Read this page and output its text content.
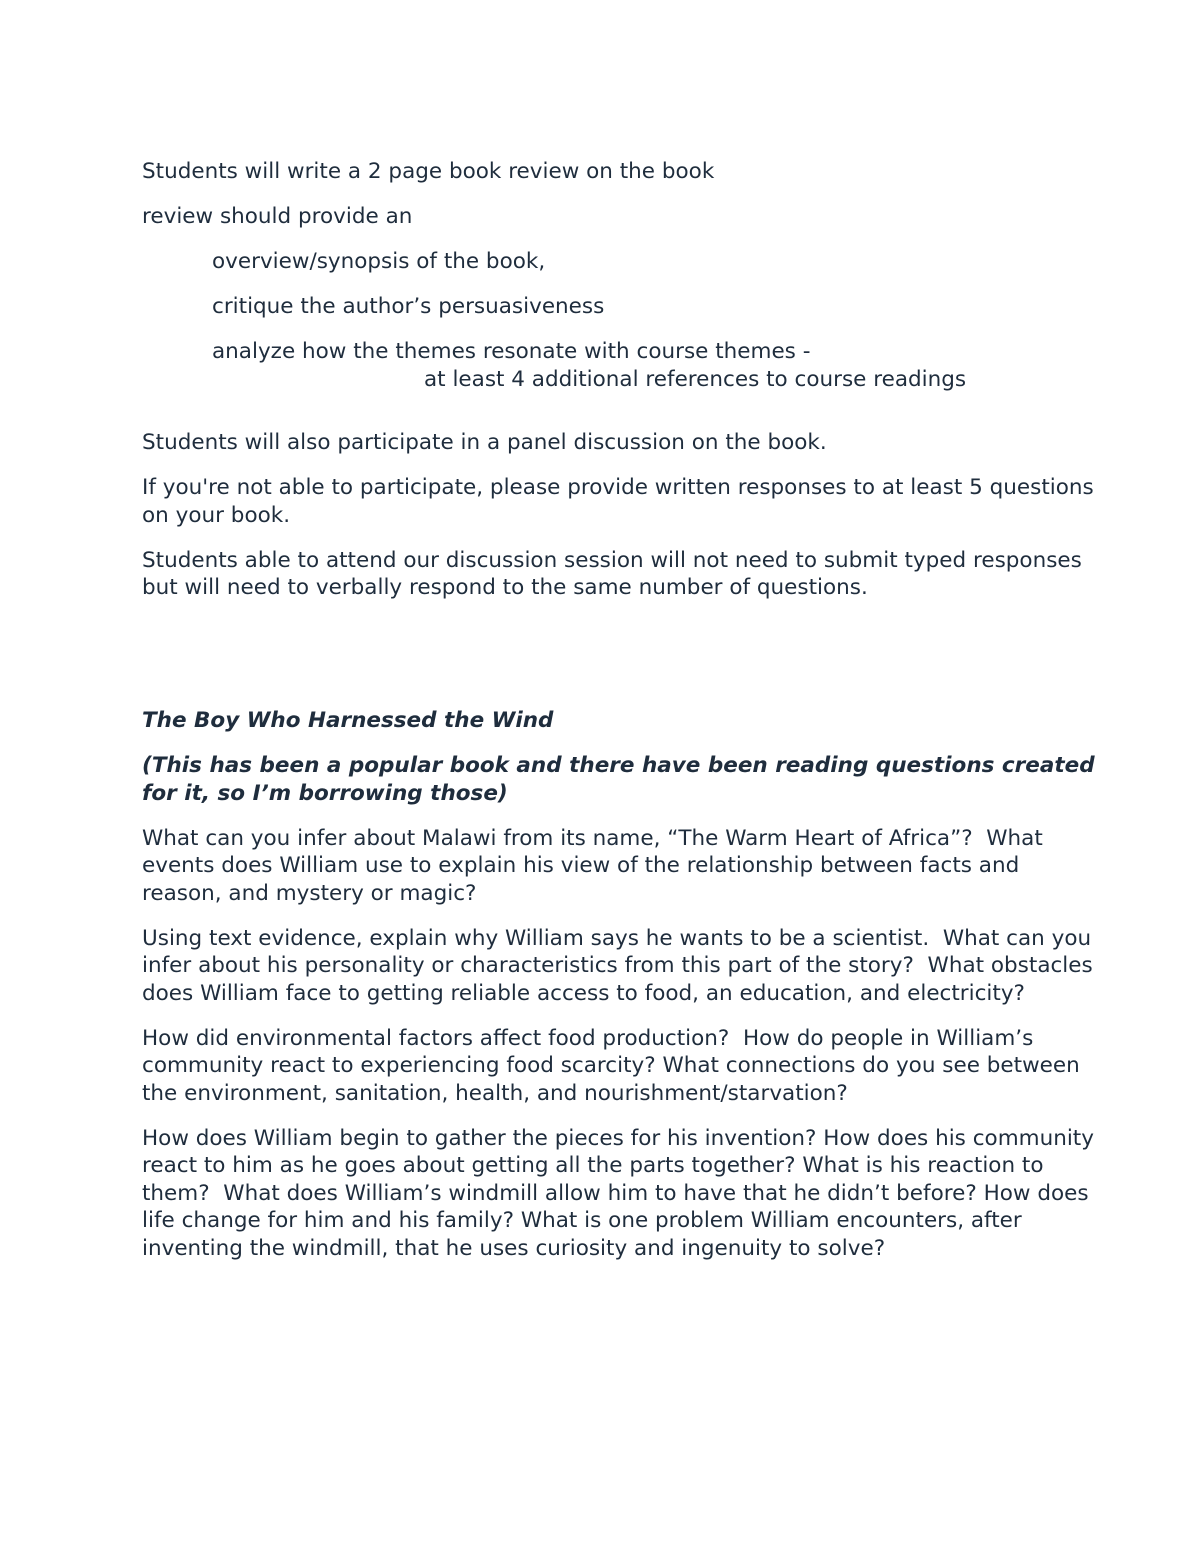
Students will write a 2 page book review on the book

review should provide an

overview/synopsis of the book,

critique the author’s persuasiveness

analyze how the themes resonate with course themes -
at least 4 additional references to course readings

Students will also participate in a panel discussion on the book.

If you're not able to participate, please provide written responses to at least 5 questions on your book.

Students able to attend our discussion session will not need to submit typed responses but will need to verbally respond to the same number of questions.

The Boy Who Harnessed the Wind

(This has been a popular book and there have been reading questions created for it, so I’m borrowing those)

What can you infer about Malawi from its name, “The Warm Heart of Africa”?  What events does William use to explain his view of the relationship between facts and reason, and mystery or magic?

Using text evidence, explain why William says he wants to be a scientist.  What can you infer about his personality or characteristics from this part of the story?  What obstacles does William face to getting reliable access to food, an education, and electricity?

How did environmental factors affect food production?  How do people in William’s community react to experiencing food scarcity? What connections do you see between the environment, sanitation, health, and nourishment/starvation?

How does William begin to gather the pieces for his invention? How does his community react to him as he goes about getting all the parts together? What is his reaction to them?  What does William’s windmill allow him to have that he didn’t before? How does life change for him and his family? What is one problem William encounters, after inventing the windmill, that he uses curiosity and ingenuity to solve?
